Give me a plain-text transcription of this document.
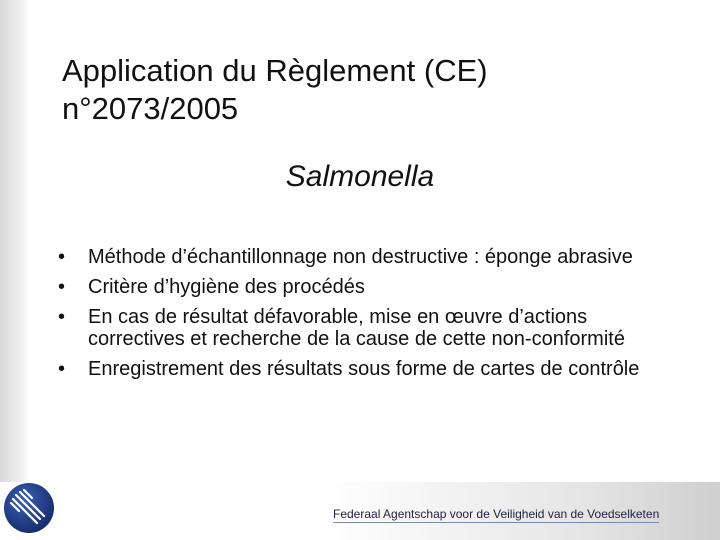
Application du Règlement (CE) n°2073/2005
Salmonella
•	Méthode d’échantillonnage non destructive : éponge abrasive
•	Critère d’hygiène des procédés
•	En cas de résultat défavorable, mise en œuvre d’actions correctives et recherche de la cause de cette non-conformité
•	Enregistrement des résultats sous forme de cartes de contrôle
Federaal Agentschap voor de Veiligheid van de Voedselketen
